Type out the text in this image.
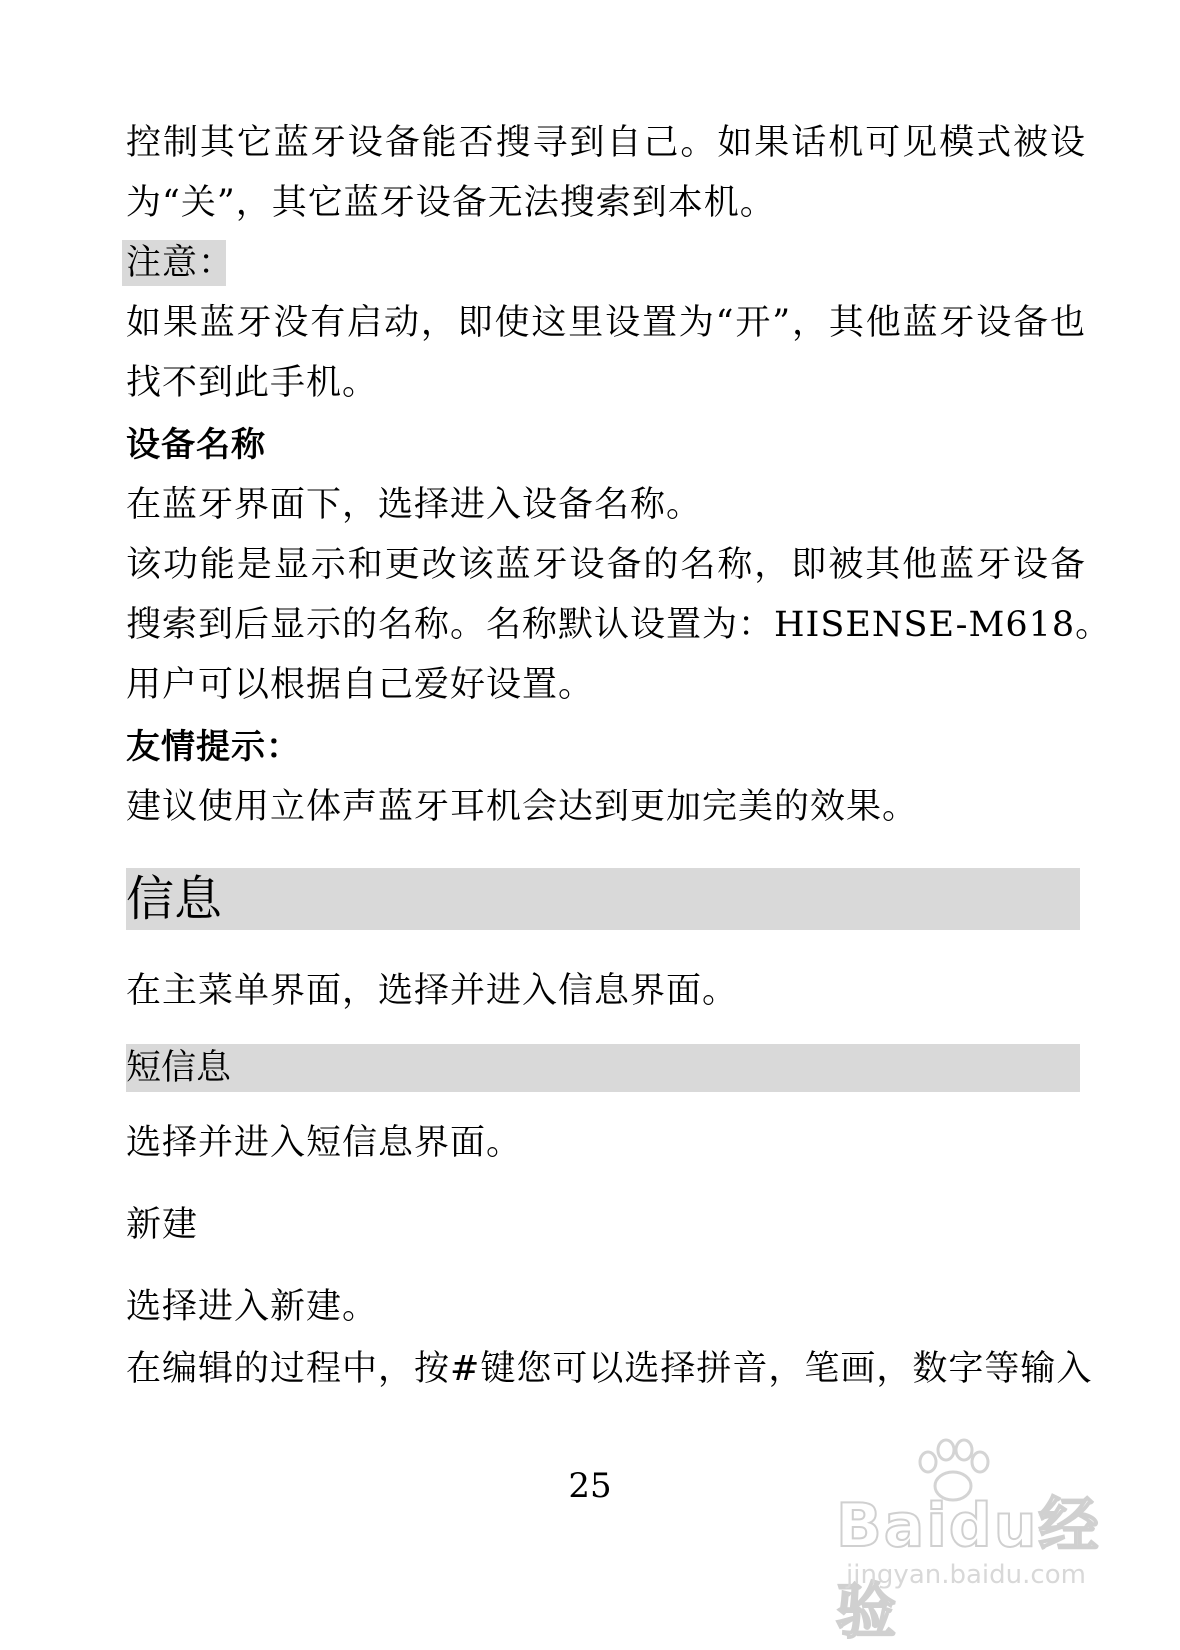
控制其它蓝牙设备能否搜寻到自己。如果话机可见模式被设
为“关”，其它蓝牙设备无法搜索到本机。
注意：
如果蓝牙没有启动，即使这里设置为“开”，其他蓝牙设备也
找不到此手机。
设备名称
在蓝牙界面下，选择进入设备名称。
该功能是显示和更改该蓝牙设备的名称，即被其他蓝牙设备
搜索到后显示的名称。名称默认设置为：HISENSE-M618。
用户可以根据自己爱好设置。
友情提示：
建议使用立体声蓝牙耳机会达到更加完美的效果。
信息
在主菜单界面，选择并进入信息界面。
短信息
选择并进入短信息界面。
新建
选择进入新建。
在编辑的过程中，按#键您可以选择拼音，笔画，数字等输入
25
Baidu经验
jingyan.baidu.com
